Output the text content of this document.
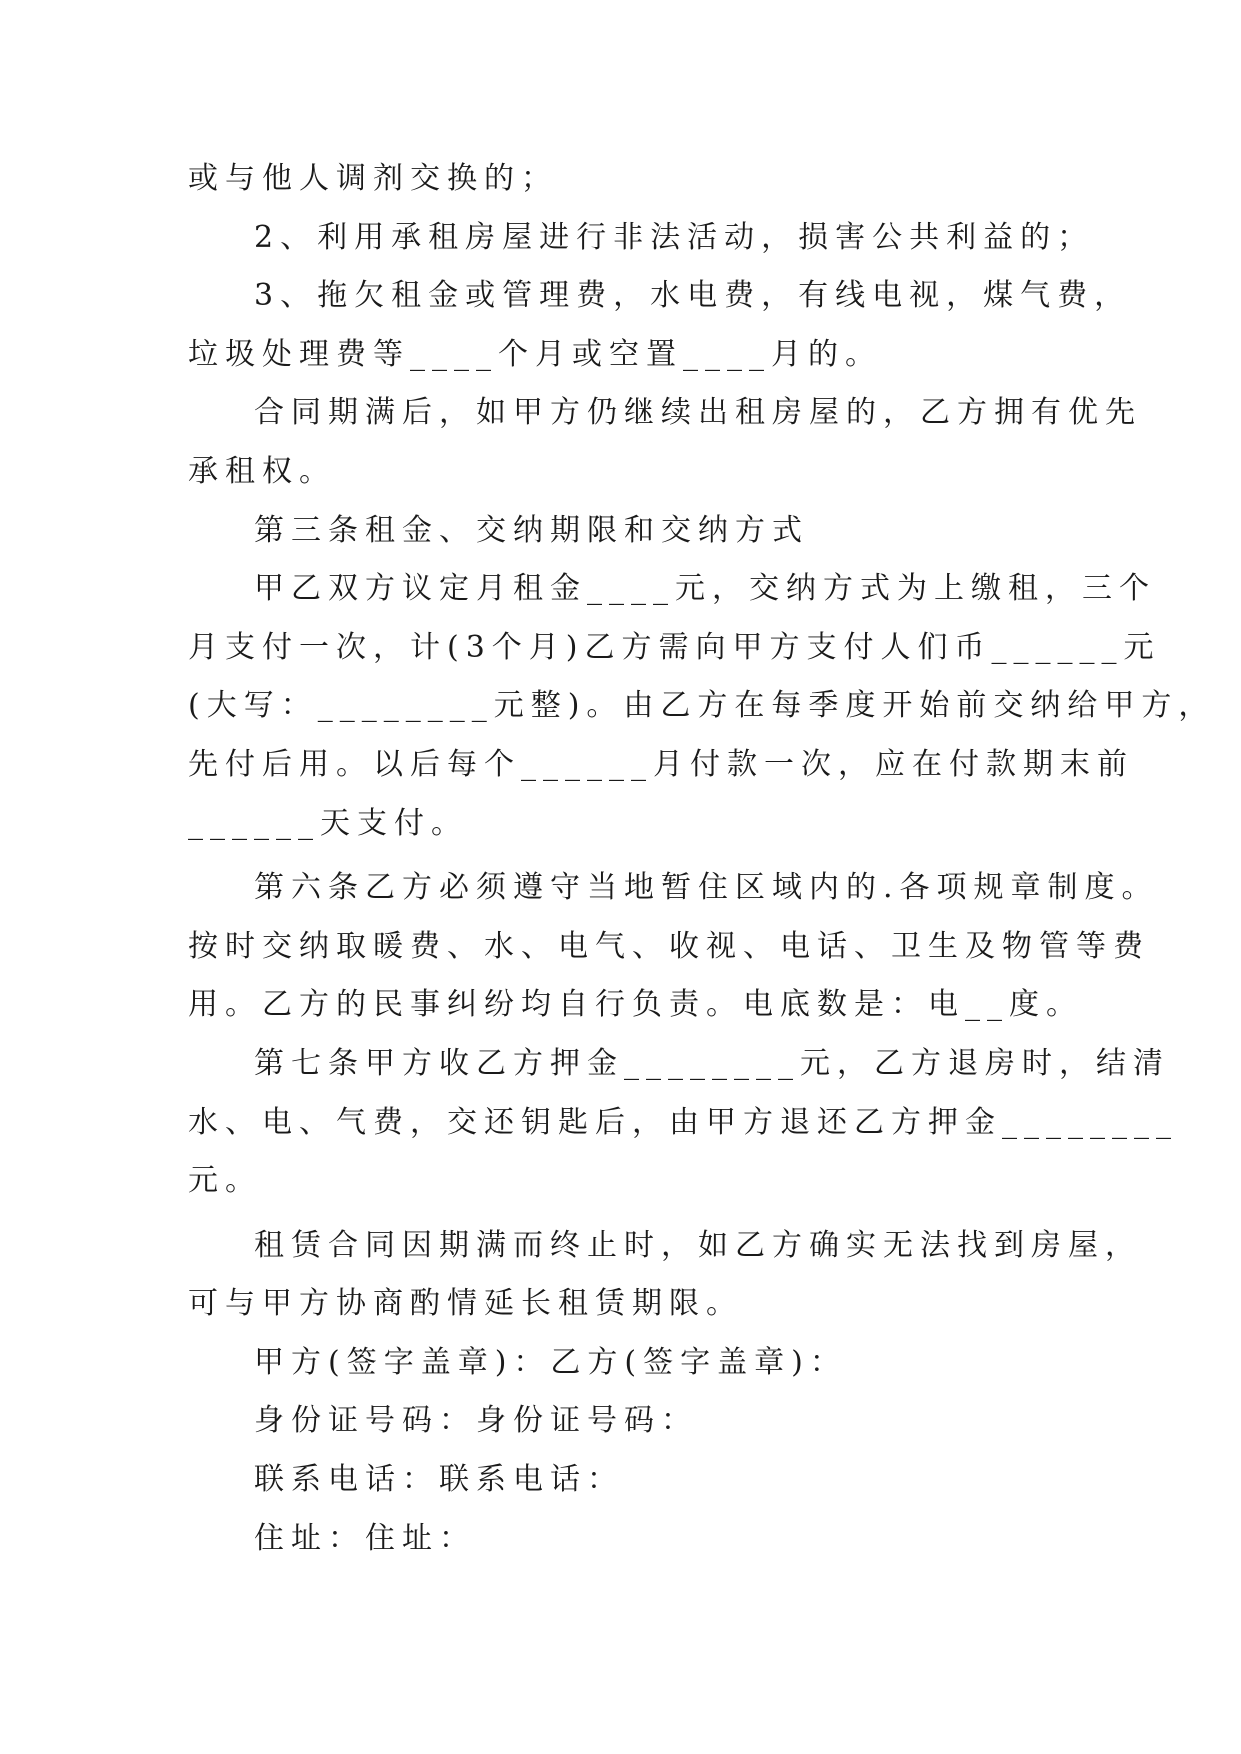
或与他人调剂交换的；
2、利用承租房屋进行非法活动，损害公共利益的；
3、拖欠租金或管理费，水电费，有线电视，煤气费，
垃圾处理费等____个月或空置____月的。
合同期满后，如甲方仍继续出租房屋的，乙方拥有优先
承租权。
第三条租金、交纳期限和交纳方式
甲乙双方议定月租金____元，交纳方式为上缴租，三个
月支付一次，计(3个月)乙方需向甲方支付人们币______元
(大写：________元整)。由乙方在每季度开始前交纳给甲方，
先付后用。以后每个______月付款一次，应在付款期末前
______天支付。
第六条乙方必须遵守当地暂住区域内的.各项规章制度。
按时交纳取暖费、水、电气、收视、电话、卫生及物管等费
用。乙方的民事纠纷均自行负责。电底数是：电__度。
第七条甲方收乙方押金________元，乙方退房时，结清
水、电、气费，交还钥匙后，由甲方退还乙方押金________
元。
租赁合同因期满而终止时，如乙方确实无法找到房屋，
可与甲方协商酌情延长租赁期限。
甲方(签字盖章)：乙方(签字盖章)：
身份证号码：身份证号码：
联系电话：联系电话：
住址：住址：
